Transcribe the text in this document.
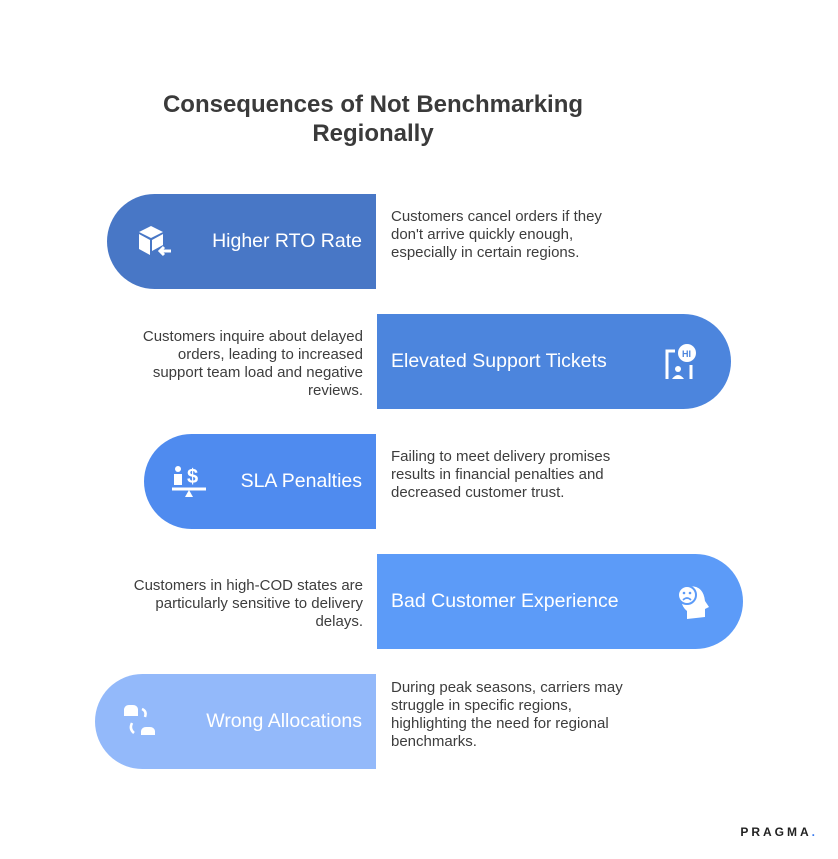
Consequences of Not Benchmarking Regionally
Higher RTO Rate
Customers cancel orders if they don't arrive quickly enough, especially in certain regions.
Elevated Support Tickets	HI
Customers inquire about delayed orders, leading to increased support team load and negative reviews.
$ SLA Penalties
Failing to meet delivery promises results in financial penalties and decreased customer trust.
Bad Customer Experience
Customers in high-COD states are particularly sensitive to delivery delays.
Wrong Allocations
During peak seasons, carriers may struggle in specific regions, highlighting the need for regional benchmarks.
PRAGMA.
